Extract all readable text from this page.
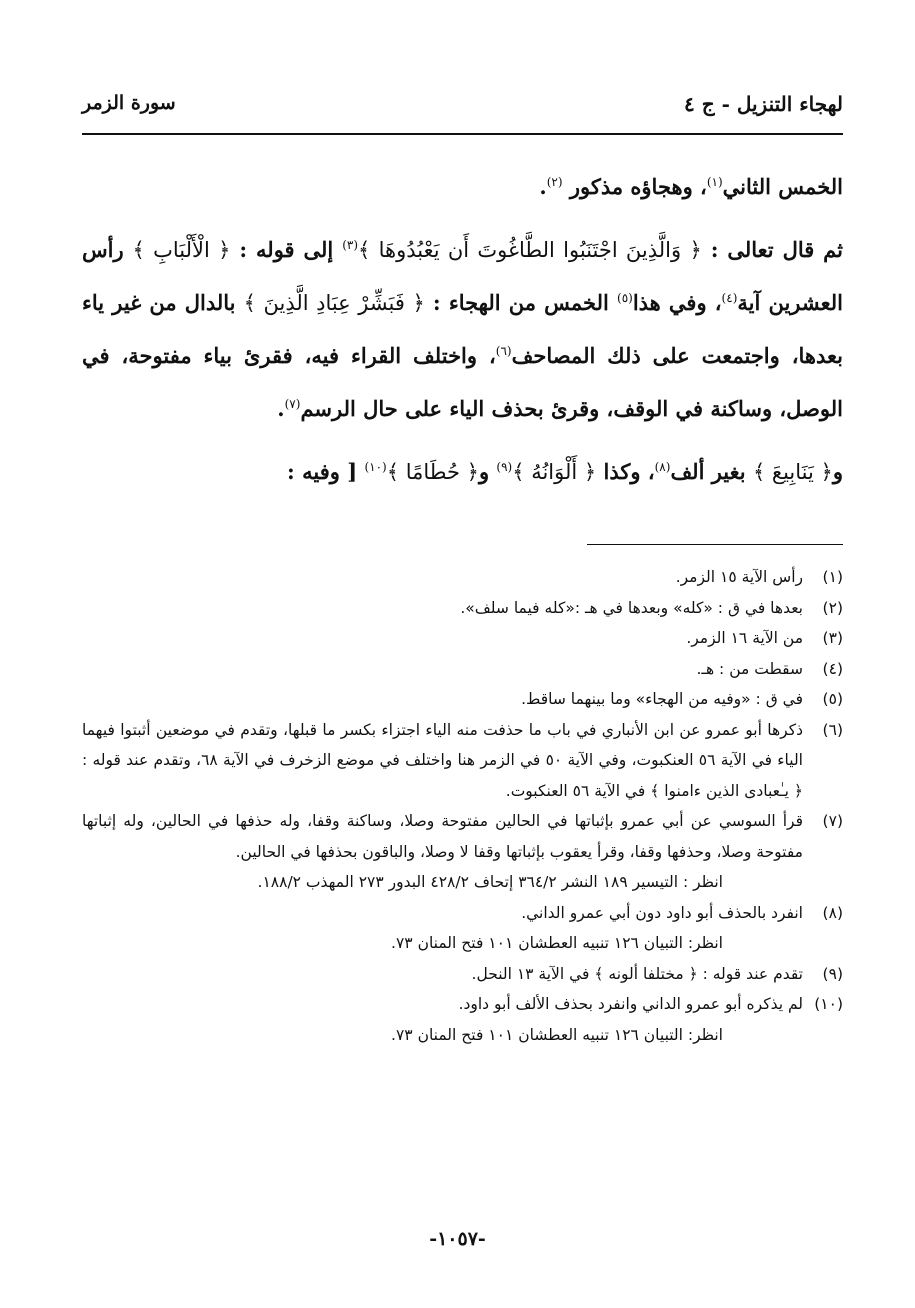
لهجاء التنزيل - ج ٤
سورة الزمر

الخمس الثاني$^{(١)}$، وهجاؤه مذكور $^{(٢)}$.

ثم قال تعالى : ﴿ وَالَّذِينَ اجْتَنَبُوا الطَّاغُوتَ أَن يَعْبُدُوهَا ﴾$^{(٣)}$ إلى قوله : ﴿ الْأَلْبَابِ ﴾ رأس العشرين آية$^{(٤)}$، وفي هذا$^{(٥)}$ الخمس من الهجاء : ﴿ فَبَشِّرْ عِبَادِ الَّذِينَ ﴾ بالدال من غير ياء بعدها، واجتمعت على ذلك المصاحف$^{(٦)}$، واختلف القراء فيه، فقرئ بياء مفتوحة، في الوصل، وساكنة في الوقف، وقرئ بحذف الياء على حال الرسم$^{(٧)}$.

و﴿ يَنَابِيعَ ﴾ بغير ألف$^{(٨)}$، وكذا ﴿ أَلْوَانُهُ ﴾$^{(٩)}$ و﴿ حُطَامًا ﴾$^{(١٠)}$ [ وفيه :

(١)
رأس الآية ١٥ الزمر.
(٢)
بعدها في ق : «كله» وبعدها في هـ :«كله فيما سلف».
(٣)
من الآية ١٦ الزمر.
(٤)
سقطت من : هـ.
(٥)
في ق : «وفيه من الهجاء» وما بينهما ساقط.
(٦)
ذكرها أبو عمرو عن ابن الأنباري في باب ما حذفت منه الياء اجتزاء بكسر ما قبلها، وتقدم في موضعين أثبتوا فيهما الياء في الآية ٥٦ العنكبوت، وفي الآية ٥٠ في الزمر هنا واختلف في موضع الزخرف في الآية ٦٨، وتقدم عند قوله : ﴿ يـٰعبادى الذين ءامنوا ﴾ في الآية ٥٦ العنكبوت.
(٧)
قرأ السوسي عن أبي عمرو بإثباتها في الحالين مفتوحة وصلا، وساكنة وقفا، وله حذفها في الحالين، وله إثباتها مفتوحة وصلا، وحذفها وقفا، وقرأ يعقوب بإثباتها وقفا لا وصلا، والباقون بحذفها في الحالين.
انظر : التيسير ١٨٩ النشر ٣٦٤/٢ إتحاف ٤٢٨/٢ البدور ٢٧٣ المهذب ١٨٨/٢.
(٨)
انفرد بالحذف أبو داود دون أبي عمرو الداني.
انظر: التبيان ١٢٦ تنبيه العطشان ١٠١ فتح المنان ٧٣.
(٩)
تقدم عند قوله : ﴿ مختلفا ألونه ﴾ في الآية ١٣ النحل.
(١٠)
لم يذكره أبو عمرو الداني وانفرد بحذف الألف أبو داود.
انظر: التبيان ١٢٦ تنبيه العطشان ١٠١ فتح المنان ٧٣.
-١٠٥٧-
